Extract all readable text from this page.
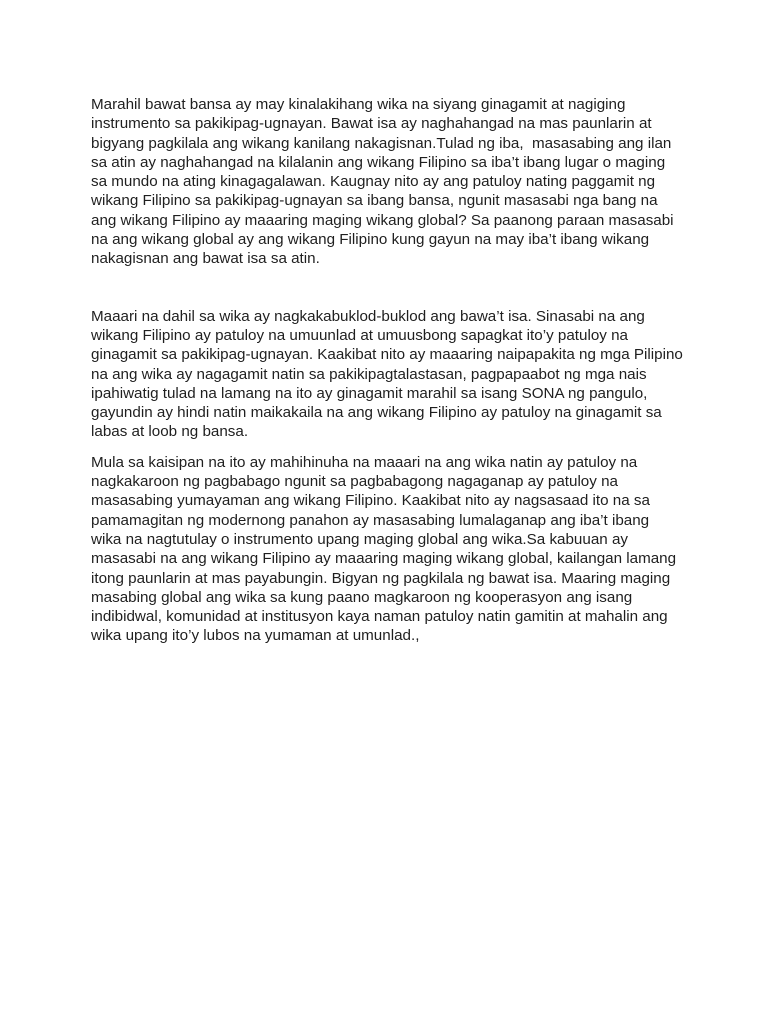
Marahil bawat bansa ay may kinalakihang wika na siyang ginagamit at nagiging
instrumento sa pakikipag-ugnayan. Bawat isa ay naghahangad na mas paunlarin at
bigyang pagkilala ang wikang kanilang nakagisnan.Tulad ng iba,  masasabing ang ilan
sa atin ay naghahangad na kilalanin ang wikang Filipino sa iba’t ibang lugar o maging
sa mundo na ating kinagagalawan. Kaugnay nito ay ang patuloy nating paggamit ng
wikang Filipino sa pakikipag-ugnayan sa ibang bansa, ngunit masasabi nga bang na
ang wikang Filipino ay maaaring maging wikang global? Sa paanong paraan masasabi
na ang wikang global ay ang wikang Filipino kung gayun na may iba’t ibang wikang
nakagisnan ang bawat isa sa atin.
Maaari na dahil sa wika ay nagkakabuklod-buklod ang bawa’t isa. Sinasabi na ang
wikang Filipino ay patuloy na umuunlad at umuusbong sapagkat ito’y patuloy na
ginagamit sa pakikipag-ugnayan. Kaakibat nito ay maaaring naipapakita ng mga Pilipino
na ang wika ay nagagamit natin sa pakikipagtalastasan, pagpapaabot ng mga nais
ipahiwatig tulad na lamang na ito ay ginagamit marahil sa isang SONA ng pangulo,
gayundin ay hindi natin maikakaila na ang wikang Filipino ay patuloy na ginagamit sa
labas at loob ng bansa.
Mula sa kaisipan na ito ay mahihinuha na maaari na ang wika natin ay patuloy na
nagkakaroon ng pagbabago ngunit sa pagbabagong nagaganap ay patuloy na
masasabing yumayaman ang wikang Filipino. Kaakibat nito ay nagsasaad ito na sa
pamamagitan ng modernong panahon ay masasabing lumalaganap ang iba’t ibang
wika na nagtutulay o instrumento upang maging global ang wika.Sa kabuuan ay
masasabi na ang wikang Filipino ay maaaring maging wikang global, kailangan lamang
itong paunlarin at mas payabungin. Bigyan ng pagkilala ng bawat isa. Maaring maging
masabing global ang wika sa kung paano magkaroon ng kooperasyon ang isang
indibidwal, komunidad at institusyon kaya naman patuloy natin gamitin at mahalin ang
wika upang ito’y lubos na yumaman at umunlad.,
